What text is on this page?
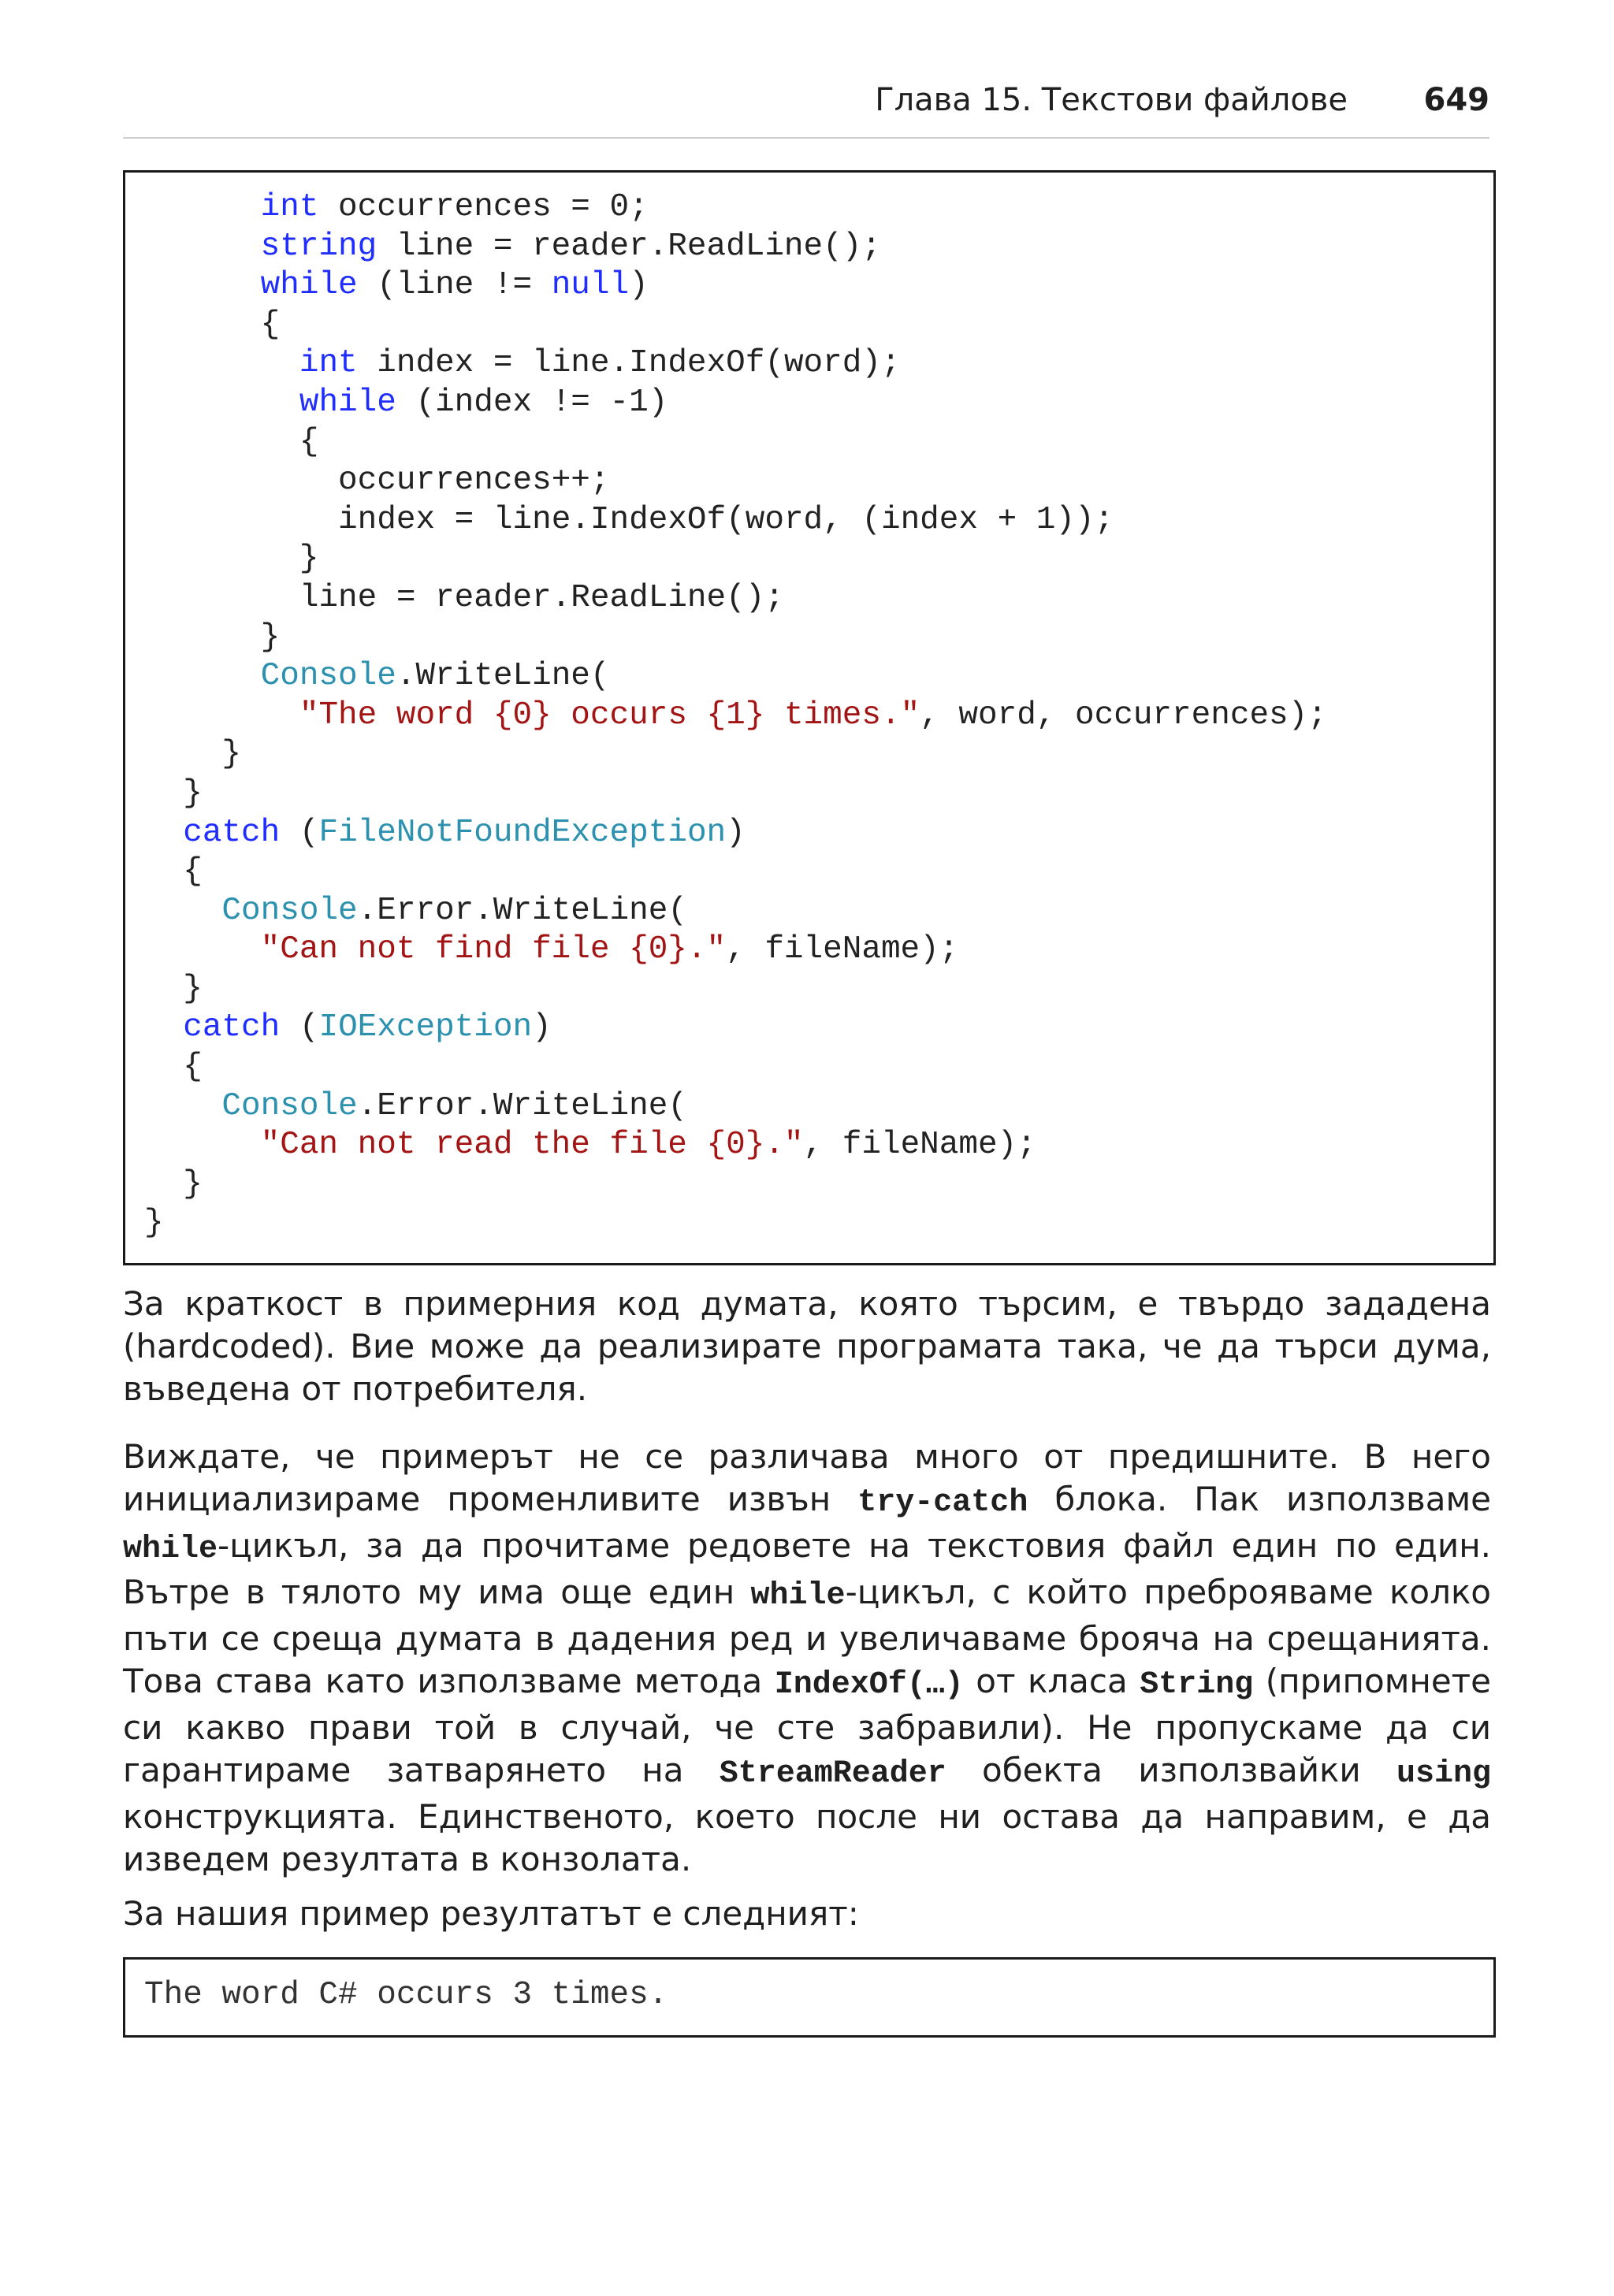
Глава 15. Текстови файлове 649
int occurrences = 0;
string line = reader.ReadLine();
while (line != null)
{
int index = line.IndexOf(word);
while (index != -1)
{
occurrences++;
index = line.IndexOf(word, (index + 1));
}
line = reader.ReadLine();
}
Console.WriteLine(
"The word {0} occurs {1} times.", word, occurrences);
}
}
catch (FileNotFoundException)
{
Console.Error.WriteLine(
"Can not find file {0}.", fileName);
}
catch (IOException)
{
Console.Error.WriteLine(
"Can not read the file {0}.", fileName);
}
}
За краткост в примерния код думата, която търсим, е твърдо зададена (hardcoded). Вие може да реализирате програмата така, че да търси дума, въведена от потребителя.
Виждате, че примерът не се различава много от предишните. В него инициализираме променливите извън try-catch блока. Пак използваме while-цикъл, за да прочитаме редовете на текстовия файл един по един. Вътре в тялото му има още един while-цикъл, с който преброяваме колко пъти се среща думата в дадения ред и увеличаваме брояча на срещанията. Това става като използваме метода IndexOf(…) от класа String (припомнете си какво прави той в случай, че сте забравили). Не пропускаме да си гарантираме затварянето на StreamReader обекта използвайки using конструкцията. Единственото, което после ни остава да направим, е да изведем резултата в конзолата.
За нашия пример резултатът е следният:
The word C# occurs 3 times.
